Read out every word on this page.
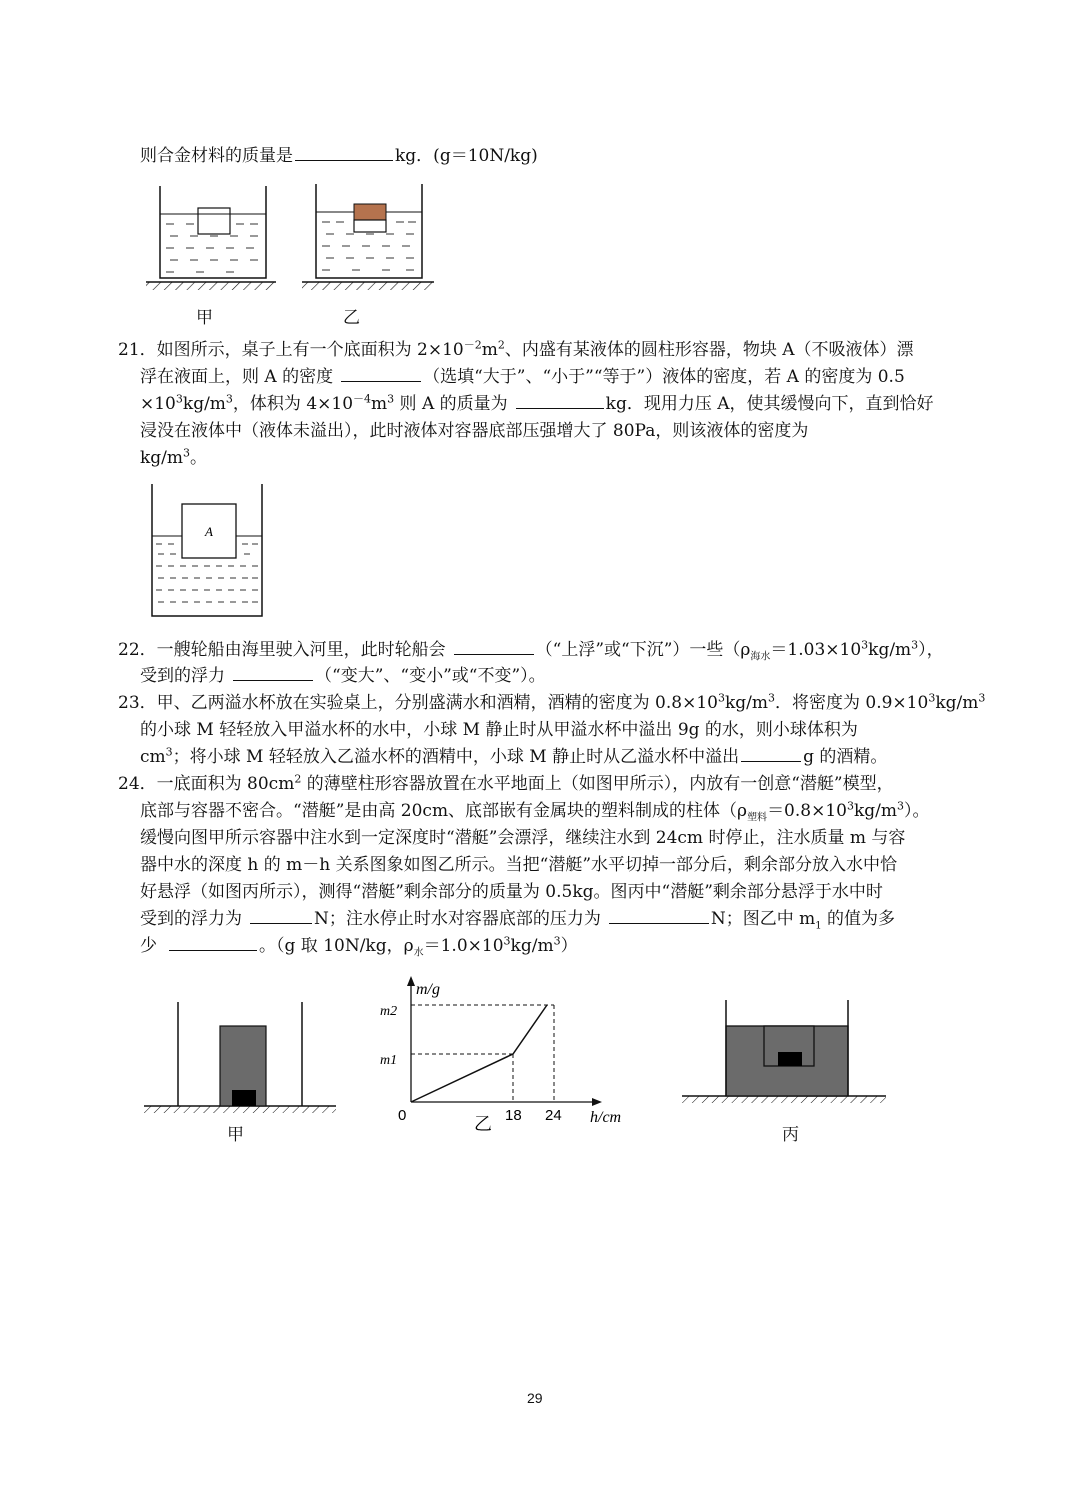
则合金材料的质量是	kg．(g＝10N/kg)
甲	乙
21．如图所示，桌子上有一个底面积为 $2\times 10^{-2}m^2$、内盛有某液体的圆柱形容器，物块 A（不吸液体）漂
浮在液面上，则 A 的密度	（选填“大于”、“小于”“等于”）液体的密度，若 A 的密度为 0.5
$\times 10^3kg/m^3$，体积为 $4\times 10^{-4}m^3$ 则 A 的质量为	kg．现用力压 A，使其缓慢向下，直到恰好
浸没在液体中（液体未溢出），此时液体对容器底部压强增大了 80Pa，则该液体的密度为
$kg/m^3$。
A
22．一艘轮船由海里驶入河里，此时轮船会	（“上浮”或“下沉”）一些$(\rho_{海水}=1.03\times 10^3kg/m^3)$，
受到的浮力	（“变大”、“变小”或“不变”）。
23．甲、乙两溢水杯放在实验桌上，分别盛满水和酒精，酒精的密度为 $0.8\times 10^3kg/m^3$．将密度为 $0.9\times 10^3kg/m^3$
的小球 M 轻轻放入甲溢水杯的水中，小球 M 静止时从甲溢水杯中溢出 9g 的水，则小球体积为
$cm^3$；将小球 M 轻轻放入乙溢水杯的酒精中，小球 M 静止时从乙溢水杯中溢出	g 的酒精。
24．一底面积为 $80cm^2$ 的薄壁柱形容器放置在水平地面上（如图甲所示），内放有一创意“潜艇”模型，
底部与容器不密合。“潜艇”是由高 20cm、底部嵌有金属块的塑料制成的柱体$(\rho_{塑料}=0.8\times 10^3kg/m^3)$。
缓慢向图甲所示容器中注水到一定深度时“潜艇”会漂浮，继续注水到 24cm 时停止，注水质量 m 与容
器中水的深度 h 的 m－h 关系图象如图乙所示。当把“潜艇”水平切掉一部分后，剩余部分放入水中恰
好悬浮（如图丙所示），测得“潜艇”剩余部分的质量为 0.5kg。图丙中“潜艇”剩余部分悬浮于水中时
受到的浮力为	N；注水停止时水对容器底部的压力为	N；图乙中 $m_1$ 的值为多
少	。（g 取 10N/kg，$\rho_水=1.0\times 10^3kg/m^3$）
甲
m/g
m2
m1
0	18 24 h/cm
乙	丙
29
